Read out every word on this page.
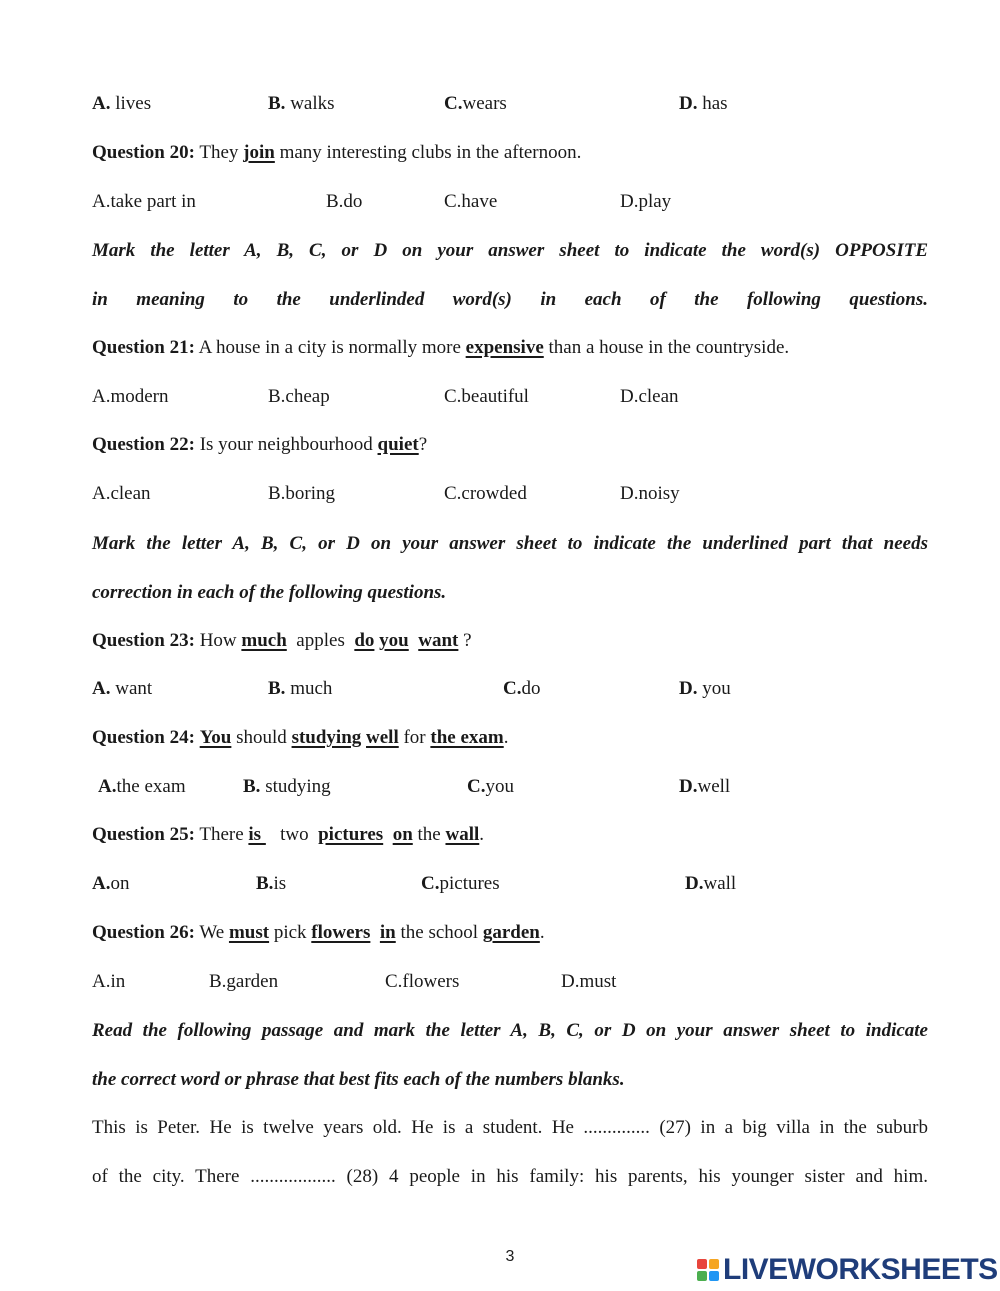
A. lives	B. walks	C.wears	D. has
Question 20: They join many interesting clubs in the afternoon.
A.take part in	B.do	C.have	D.play
Mark the letter A, B, C, or D on your answer sheet to indicate the word(s) OPPOSITE
in meaning to the underlinded word(s) in each of the following questions.
Question 21: A house in a city is normally more expensive than a house in the countryside.
A.modern	B.cheap	C.beautiful	D.clean
Question 22: Is your neighbourhood quiet?
A.clean	B.boring	C.crowded	D.noisy
Mark the letter A, B, C, or D on your answer sheet to indicate the underlined part that needs
correction in each of the following questions.
Question 23: How much  apples  do you want ?
A. want	B. much	C.do	D. you
Question 24: You should studying well for the exam.
A.the exam	B. studying	C.you	D.well
Question 25: There is    two  pictures on the wall.
A.on	B.is	C.pictures	D.wall
Question 26: We must pick flowers in the school garden.
A.in	B.garden	C.flowers	D.must
Read the following passage and mark the letter A, B, C, or D on your answer sheet to indicate
the correct word or phrase that best fits each of the numbers blanks.
This is Peter. He is twelve years old. He is a student. He .............. (27) in a big villa in the suburb
of the city. There .................. (28) 4 people in his family: his parents, his younger sister and him.
3	LIVEWORKSHEETS
